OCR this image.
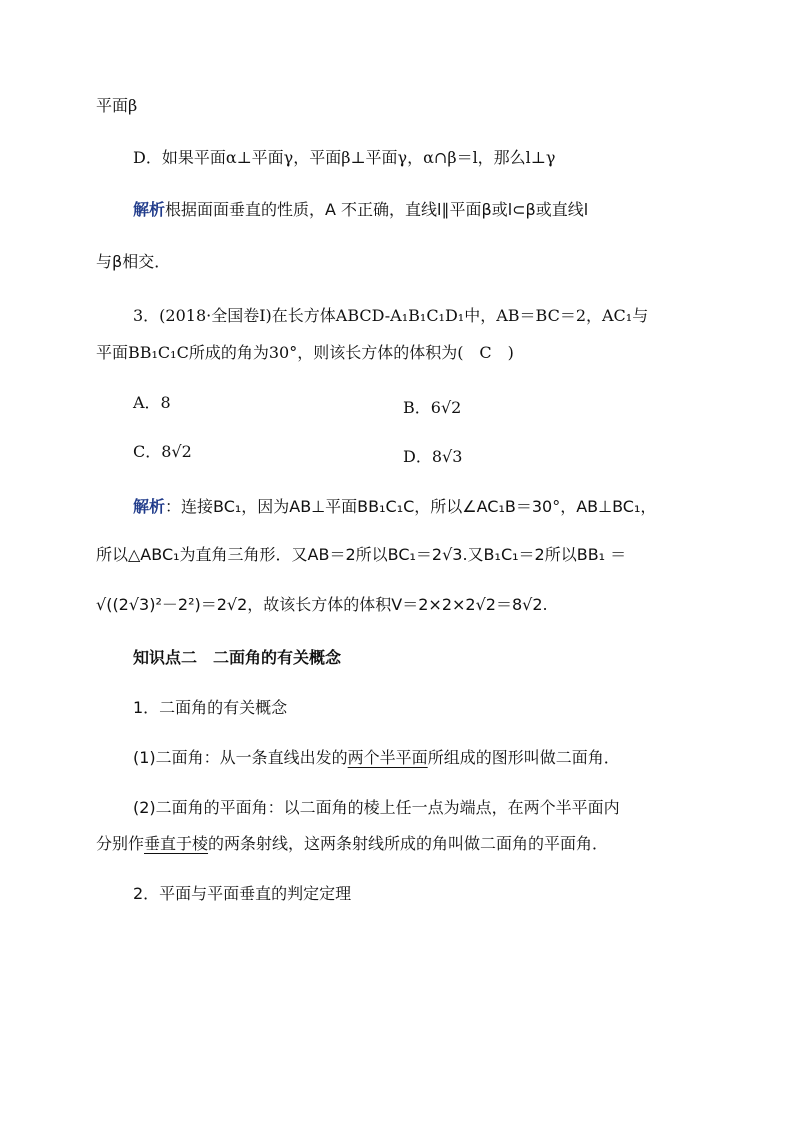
平面β
D．如果平面α⊥平面γ，平面β⊥平面γ，α∩β＝l，那么l⊥γ
解析根据面面垂直的性质，A 不正确，直线l∥平面β或l⊂β或直线l
与β相交．
3．(2018·全国卷Ⅰ)在长方体ABCD-A₁B₁C₁D₁中，AB＝BC＝2，AC₁与
平面BB₁C₁C所成的角为30°，则该长方体的体积为(　C　)
A．8	B．6√2
C．8√2	D．8√3
解析：连接BC₁，因为AB⊥平面BB₁C₁C，所以∠AC₁B＝30°，AB⊥BC₁，
所以△ABC₁为直角三角形．又AB＝2所以BC₁＝2√3.又B₁C₁＝2所以BB₁ ＝
√((2√3)²－2²)＝2√2，故该长方体的体积V＝2×2×2√2＝8√2.
知识点二　二面角的有关概念
1．二面角的有关概念
(1)二面角：从一条直线出发的两个半平面所组成的图形叫做二面角．
(2)二面角的平面角：以二面角的棱上任一点为端点，在两个半平面内
分别作垂直于棱的两条射线，这两条射线所成的角叫做二面角的平面角．
2．平面与平面垂直的判定定理
